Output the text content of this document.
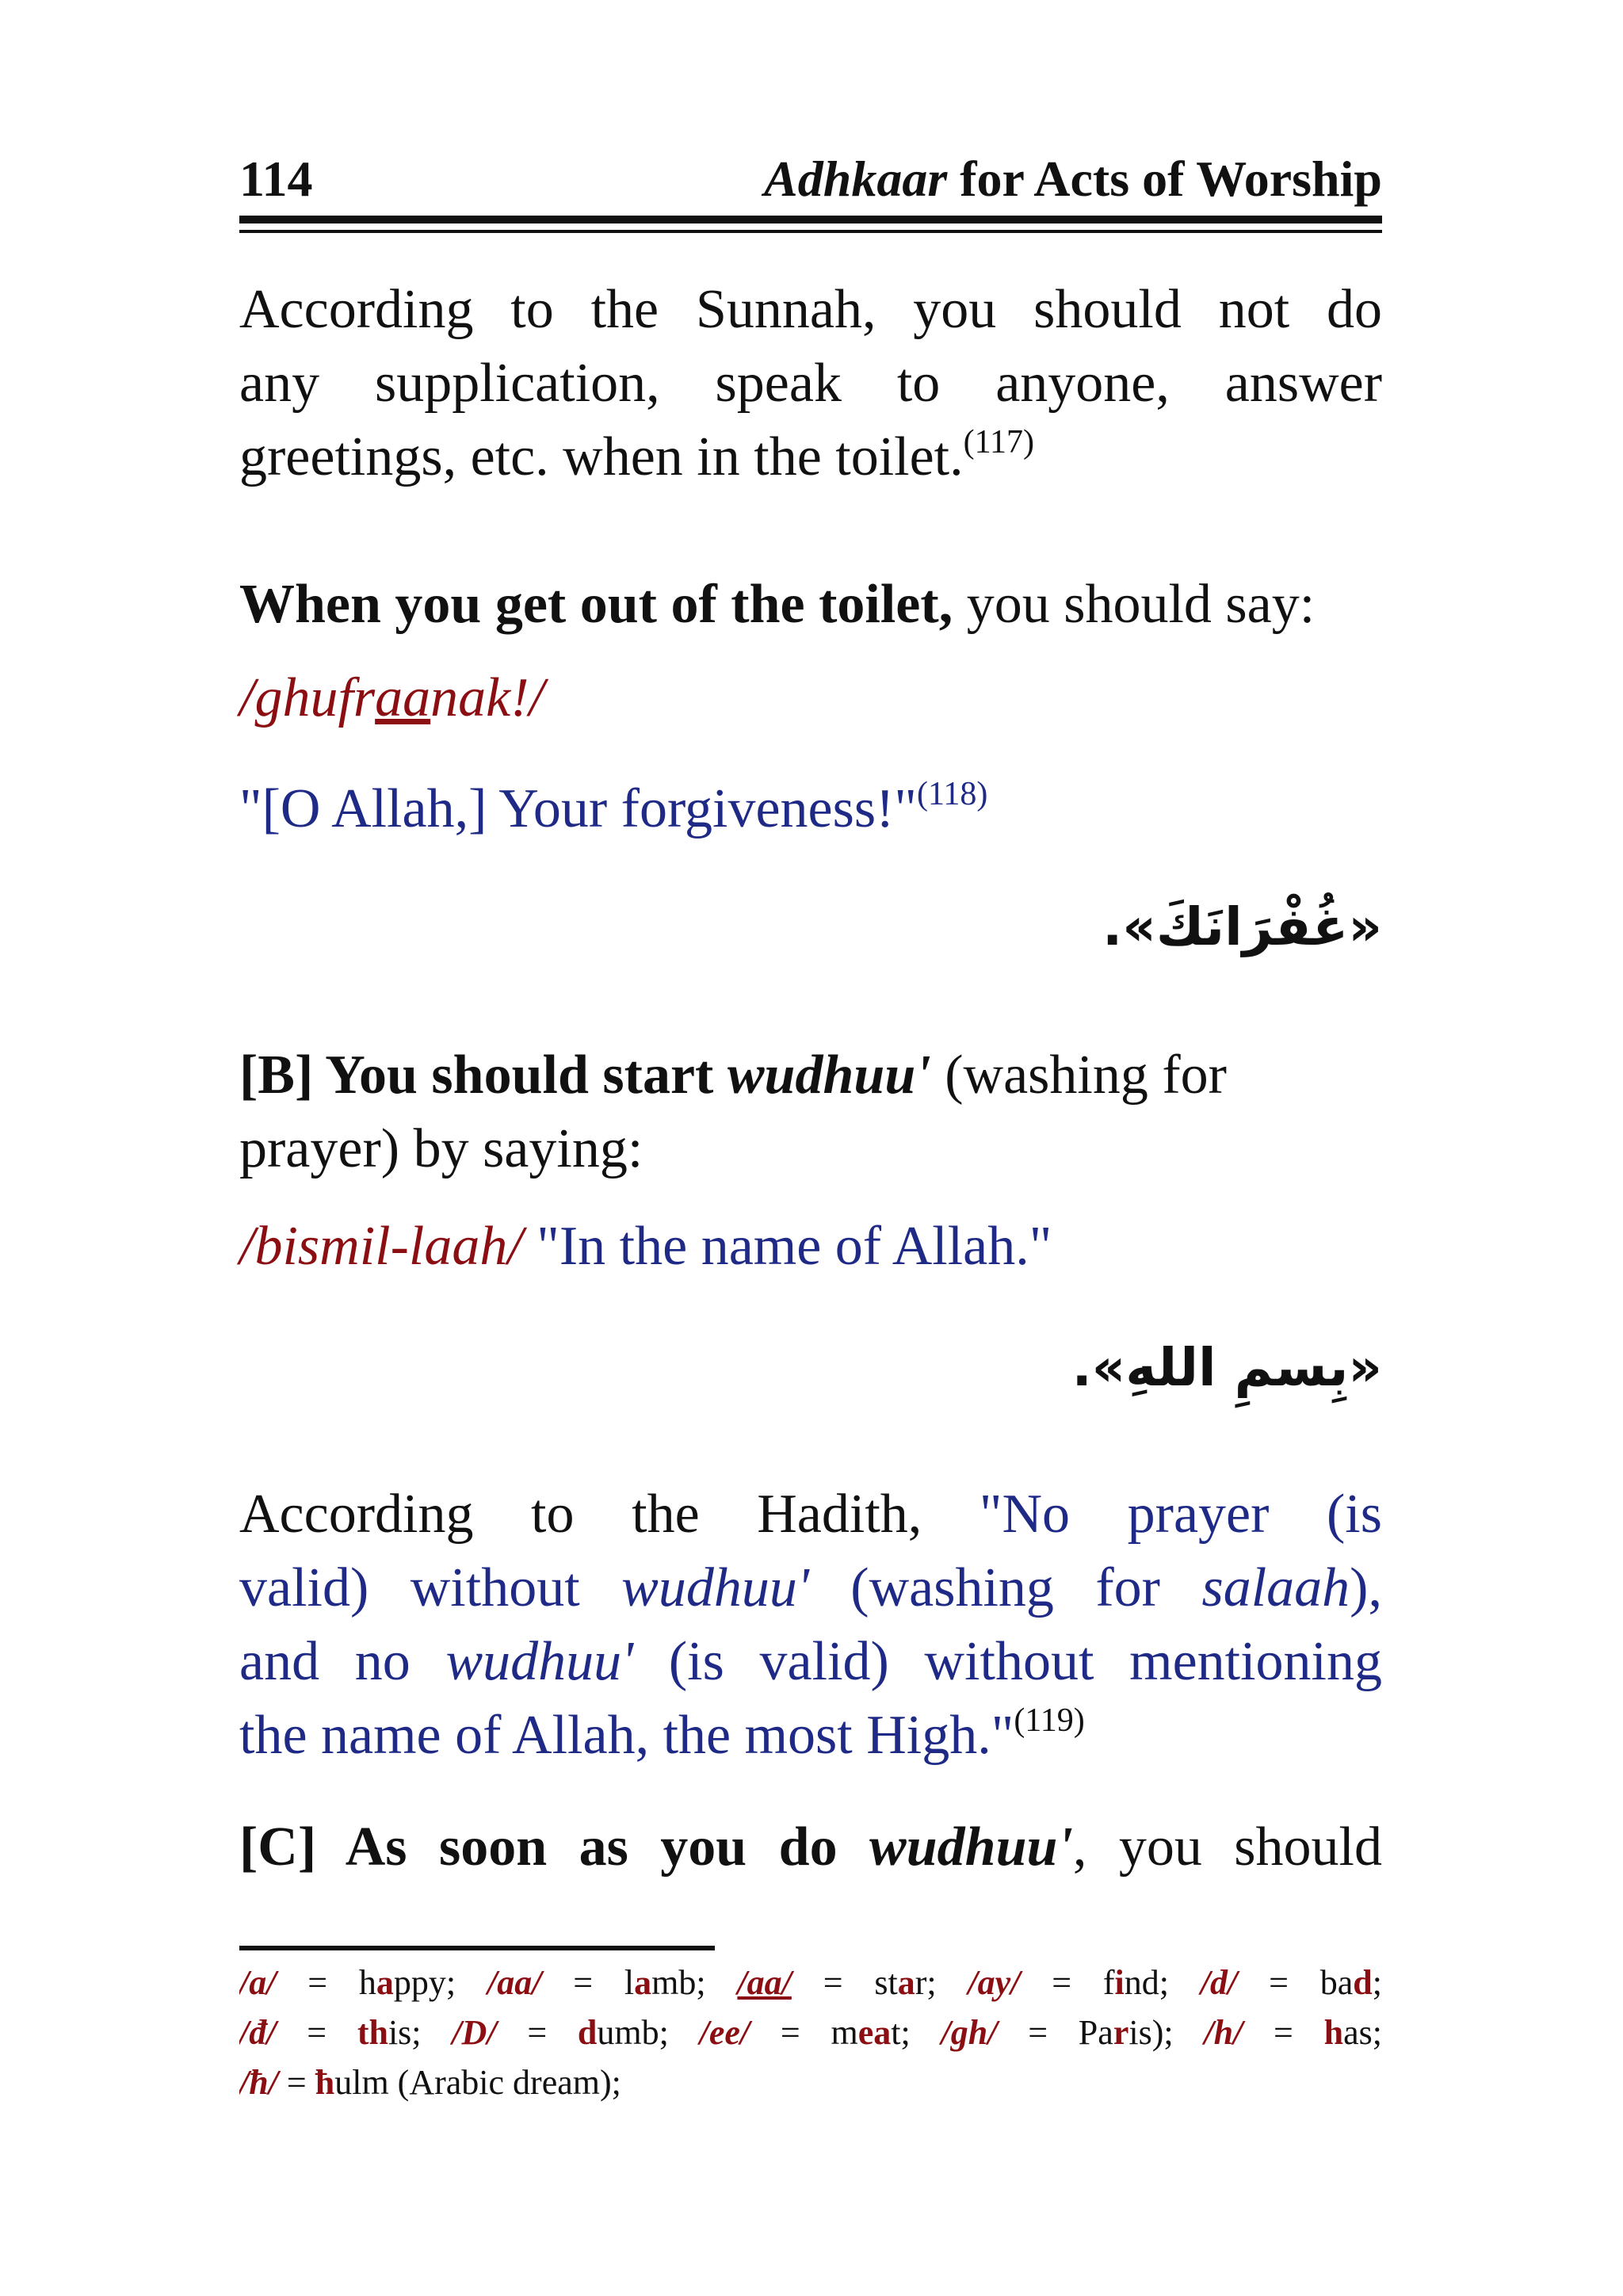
114	Adhkaar for Acts of Worship
According to the Sunnah, you should not do
any supplication, speak to anyone, answer
greetings, etc. when in the toilet.$^{(117)}$
When you get out of the toilet, you should say:
/ghufraanak!/
"[O Allah,] Your forgiveness!"$^{(118)}$
«غُفْرَانَكَ».
[B] You should start wudhuu' (washing for
prayer) by saying:
/bismil-laah/ "In the name of Allah."
«بِسمِ اللهِ».
According to the Hadith, "No prayer (is
valid) without wudhuu' (washing for salaah),
and no wudhuu' (is valid) without mentioning
the name of Allah, the most High."$^{(119)}$
[C] As soon as you do wudhuu', you should
/a/ = happy; /aa/ = lamb; /aa/ = star; /ay/ = find; /d/ = bad;
/đ/ = this; /D/ = dumb; /ee/ = meat; /gh/ = Paris); /h/ = has;
/ħ/ = ħulm (Arabic dream);
